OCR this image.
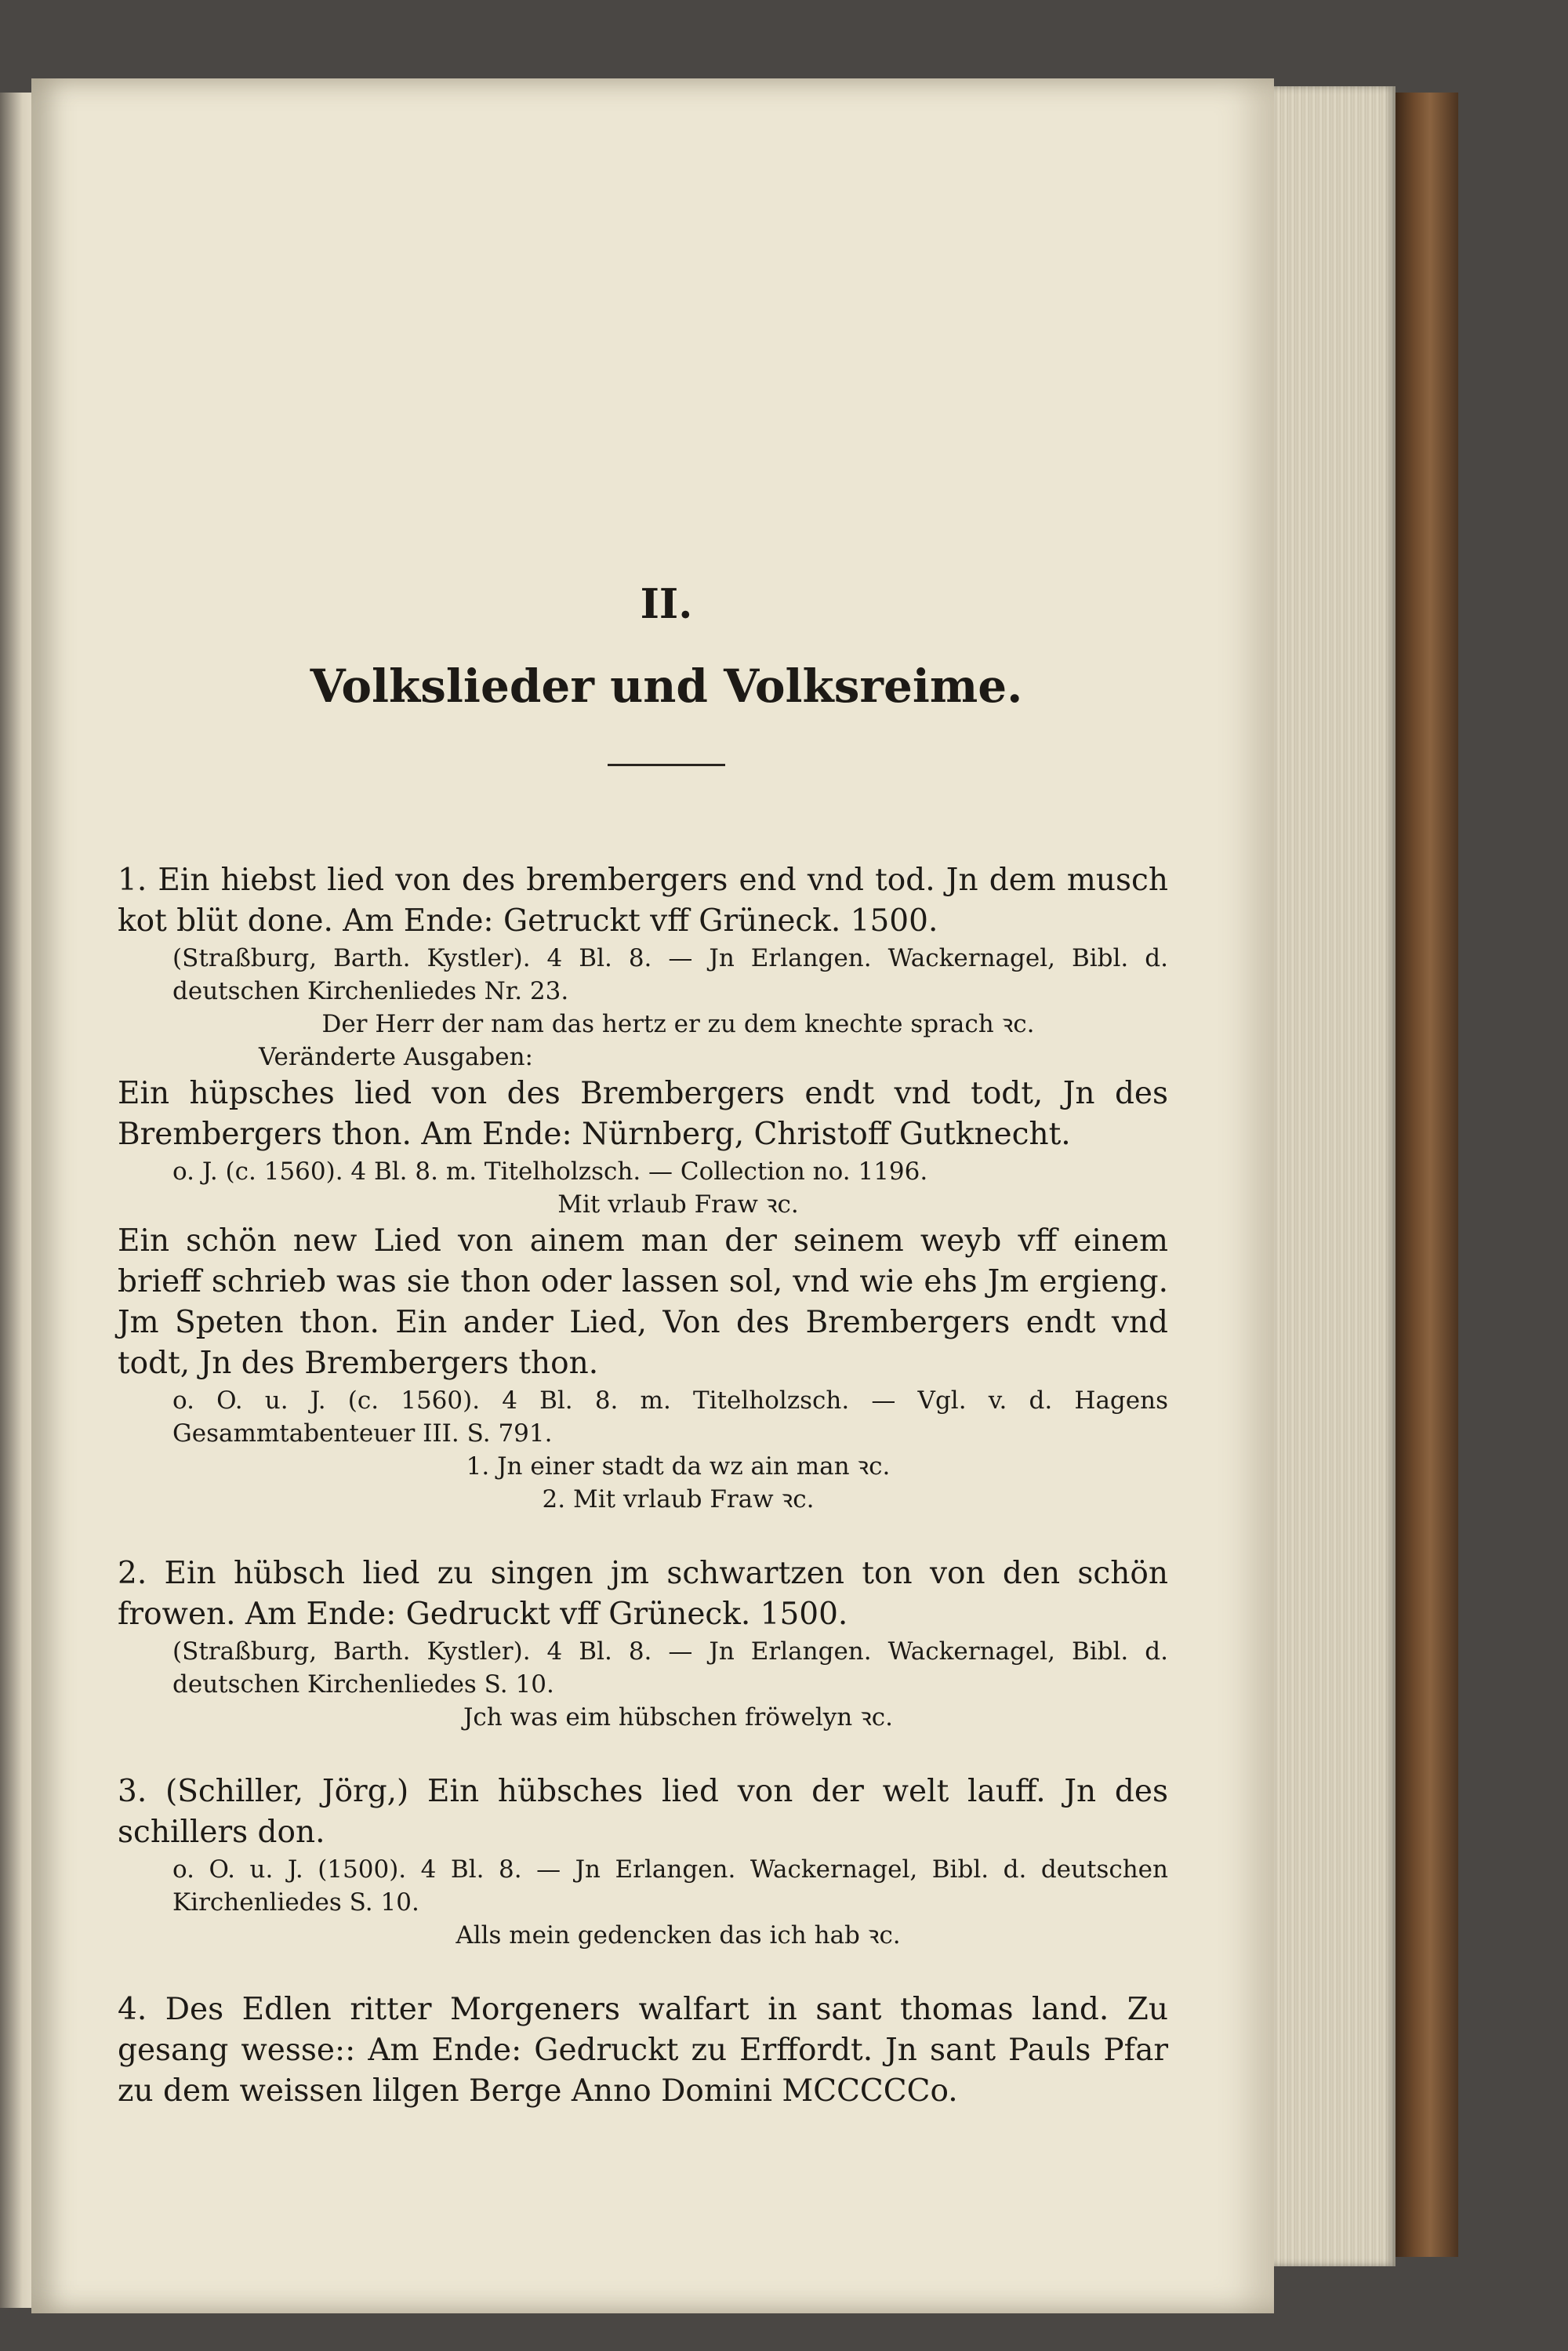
II.
Volkslieder und Volksreime.

1. Ein hiebst lied von des brembergers end vnd tod. Jn dem musch kot blüt done. Am Ende: Getruckt vff Grüneck. 1500.

(Straßburg, Barth. Kystler). 4 Bl. 8. — Jn Erlangen. Wackernagel, Bibl. d. deutschen Kirchenliedes Nr. 23.

Der Herr der nam das hertz er zu dem knechte sprach ꝛc.

Veränderte Ausgaben:

Ein hüpsches lied von des Brembergers endt vnd todt, Jn des Brembergers thon. Am Ende: Nürnberg, Christoff Gutknecht.

o. J. (c. 1560). 4 Bl. 8. m. Titelholzsch. — Collection no. 1196.

Mit vrlaub Fraw ꝛc.

Ein schön new Lied von ainem man der seinem weyb vff einem brieff schrieb was sie thon oder lassen sol, vnd wie ehs Jm ergieng. Jm Speten thon. Ein ander Lied, Von des Brembergers endt vnd todt, Jn des Brembergers thon.

o. O. u. J. (c. 1560). 4 Bl. 8. m. Titelholzsch. — Vgl. v. d. Hagens Gesammtabenteuer III. S. 791.

1. Jn einer stadt da wz ain man ꝛc.

2. Mit vrlaub Fraw ꝛc.

2. Ein hübsch lied zu singen jm schwartzen ton von den schön frowen. Am Ende: Gedruckt vff Grüneck. 1500.

(Straßburg, Barth. Kystler). 4 Bl. 8. — Jn Erlangen. Wackernagel, Bibl. d. deutschen Kirchenliedes S. 10.

Jch was eim hübschen fröwelyn ꝛc.

3. (Schiller, Jörg,) Ein hübsches lied von der welt lauff. Jn des schillers don.

o. O. u. J. (1500). 4 Bl. 8. — Jn Erlangen. Wackernagel, Bibl. d. deutschen Kirchenliedes S. 10.

Alls mein gedencken das ich hab ꝛc.

4. Des Edlen ritter Morgeners walfart in sant thomas land. Zu gesang wesse:: Am Ende: Gedruckt zu Erffordt. Jn sant Pauls Pfar zu dem weissen lilgen Berge Anno Domini MCCCCCo.
